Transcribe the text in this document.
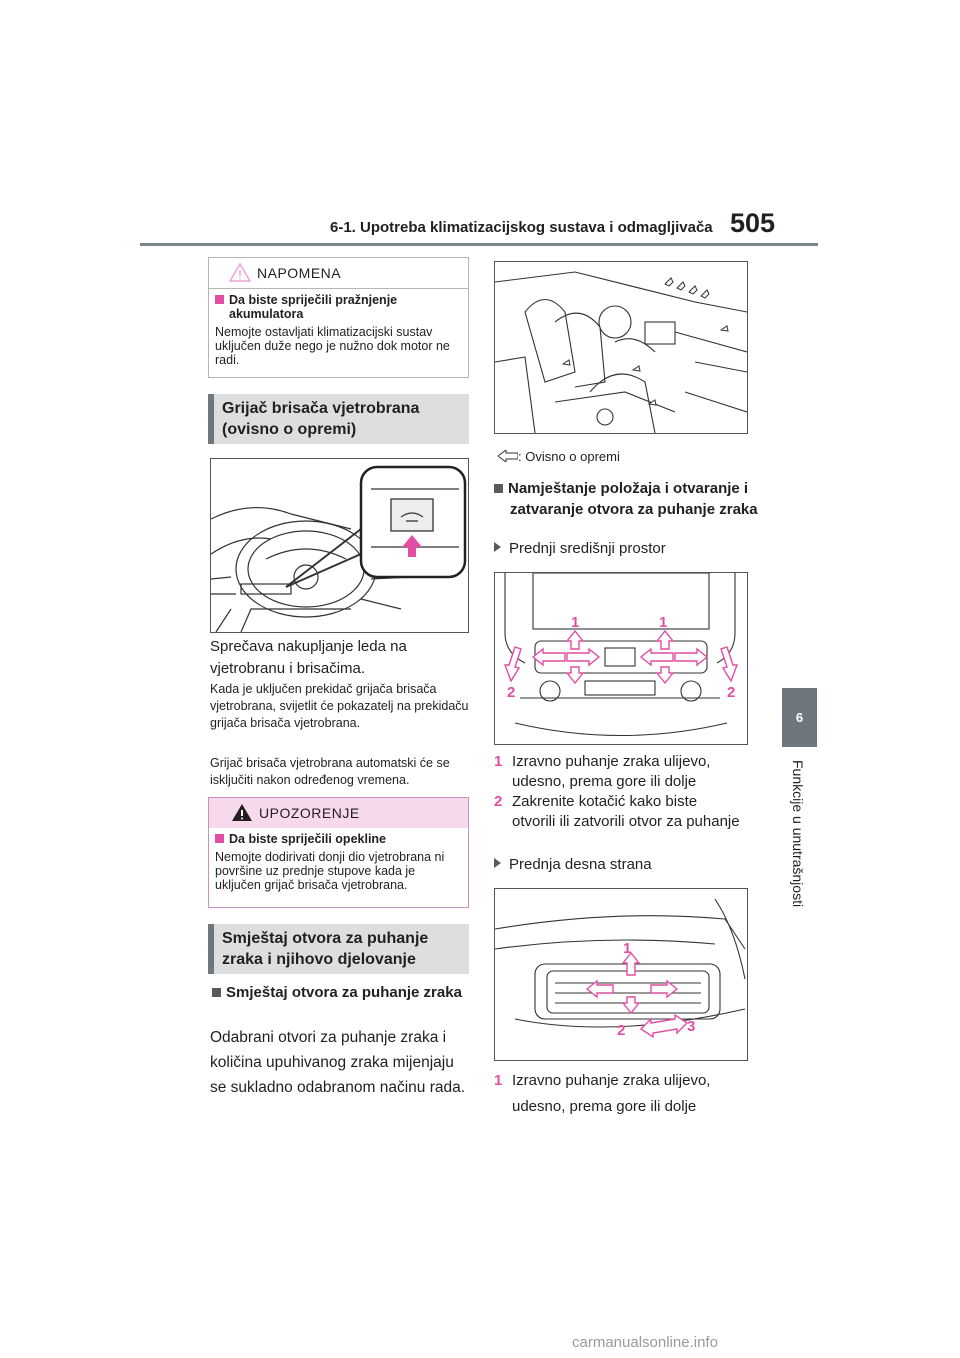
6-1. Upotreba klimatizacijskog sustava i odmagljivača 505
6
Funkcije u unutrašnjosti
NAPOMENA
Da biste spriječili pražnjenje akumulatora

Nemojte ostavljati klimatizacijski sustav uključen duže nego je nužno dok motor ne radi.

Grijač brisača vjetrobrana
(ovisno o opremi)
Sprečava nakupljanje leda na vjetrobranu i brisačima.
Kada je uključen prekidač grijača brisača vjetrobrana, svijetlit će pokazatelj na prekidaču grijača brisača vjetrobrana.
Grijač brisača vjetrobrana automatski će se isključiti nakon određenog vremena.
UPOZORENJE
Da biste spriječili opekline

Nemojte dodirivati donji dio vjetrobrana ni površine uz prednje stupove kada je uključen grijač brisača vjetrobrana.

Smještaj otvora za puhanje
zraka i njihovo djelovanje
Smještaj otvora za puhanje zraka
Odabrani otvori za puhanje zraka i količina upuhivanog zraka mijenjaju se sukladno odabranom načinu rada.
: Ovisno o opremi
Namještanje položaja i otvaranje i zatvaranje otvora za puhanje zraka
Prednji središnji prostor
1	1
2	2
1 Izravno puhanje zraka ulijevo, udesno, prema gore ili dolje
2 Zakrenite kotačić kako biste otvorili ili zatvorili otvor za puhanje
Prednja desna strana
1
2	3
1 Izravno puhanje zraka ulijevo, udesno, prema gore ili dolje
carmanualsonline.info
